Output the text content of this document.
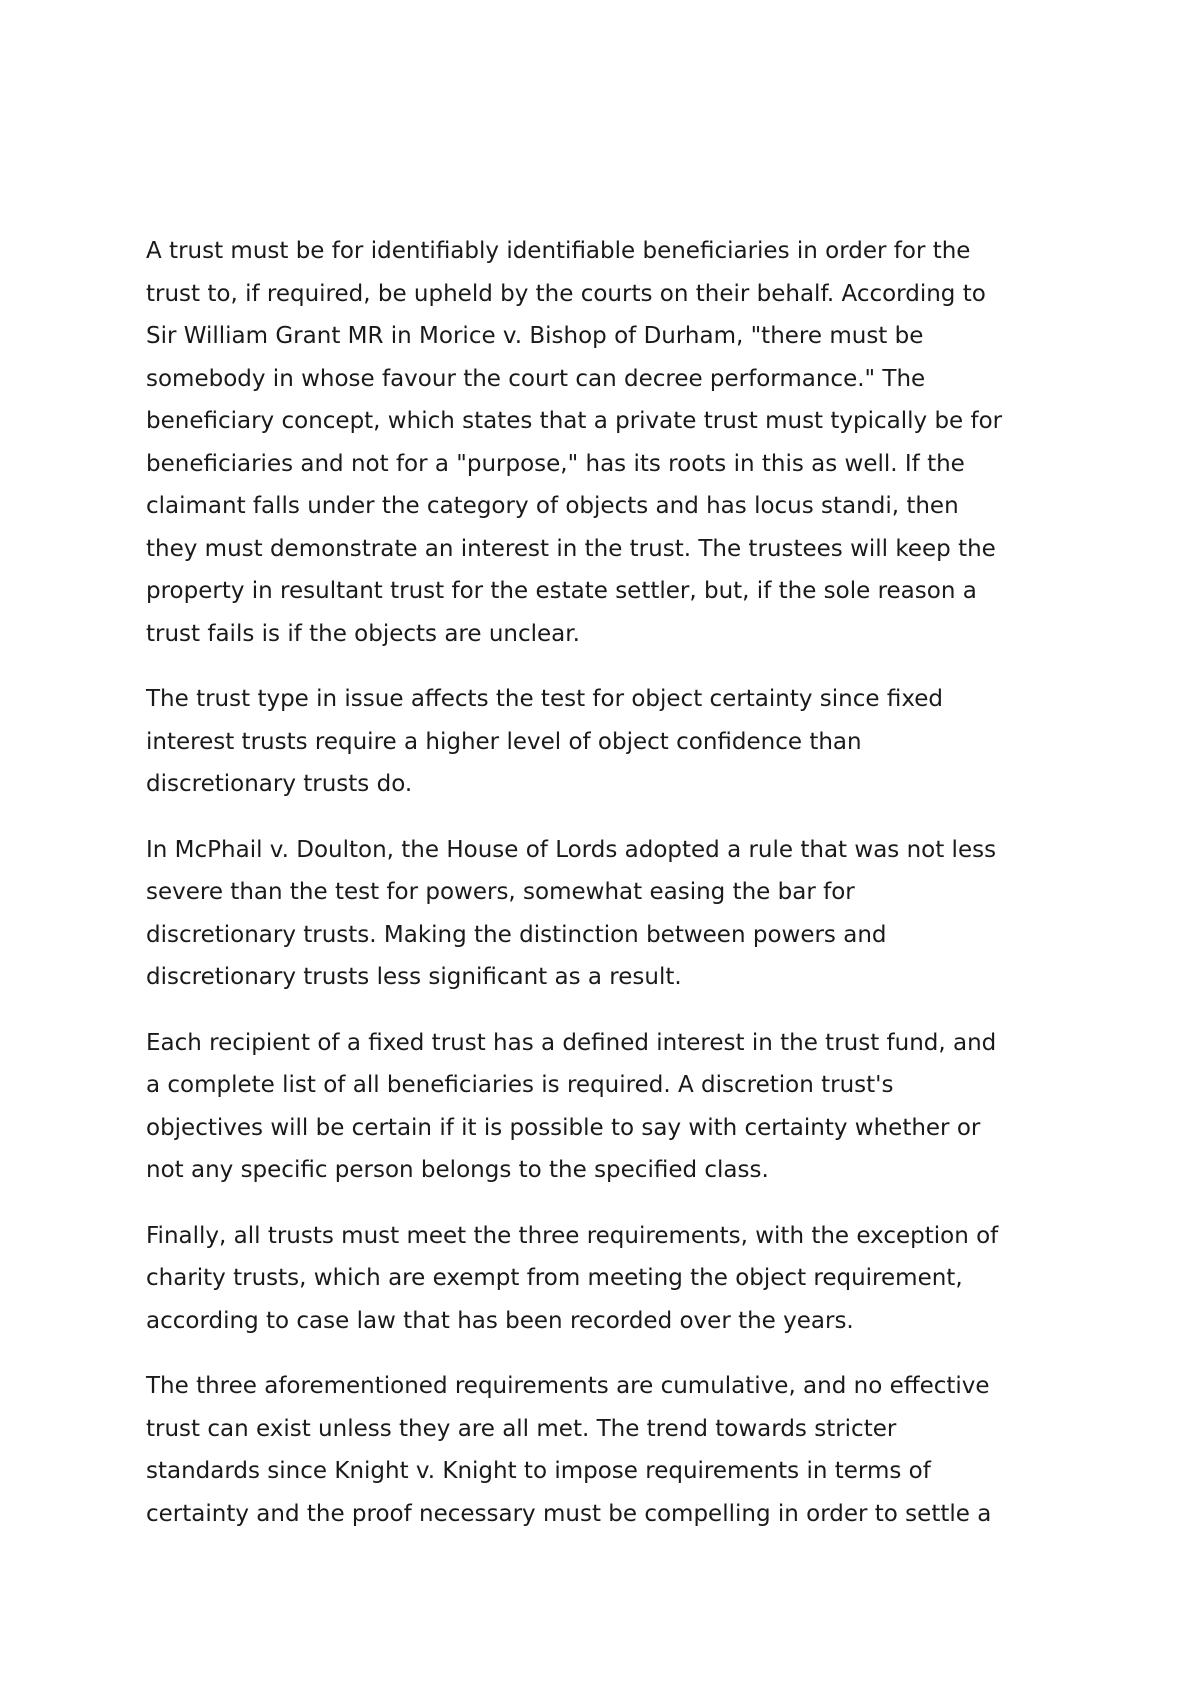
A trust must be for identifiably identifiable beneficiaries in order for the
trust to, if required, be upheld by the courts on their behalf. According to
Sir William Grant MR in Morice v. Bishop of Durham, "there must be
somebody in whose favour the court can decree performance." The
beneficiary concept, which states that a private trust must typically be for
beneficiaries and not for a "purpose," has its roots in this as well. If the
claimant falls under the category of objects and has locus standi, then
they must demonstrate an interest in the trust. The trustees will keep the
property in resultant trust for the estate settler, but, if the sole reason a
trust fails is if the objects are unclear.

The trust type in issue affects the test for object certainty since fixed
interest trusts require a higher level of object confidence than
discretionary trusts do.

In McPhail v. Doulton, the House of Lords adopted a rule that was not less
severe than the test for powers, somewhat easing the bar for
discretionary trusts. Making the distinction between powers and
discretionary trusts less significant as a result.

Each recipient of a fixed trust has a defined interest in the trust fund, and
a complete list of all beneficiaries is required. A discretion trust's
objectives will be certain if it is possible to say with certainty whether or
not any specific person belongs to the specified class.

Finally, all trusts must meet the three requirements, with the exception of
charity trusts, which are exempt from meeting the object requirement,
according to case law that has been recorded over the years.

The three aforementioned requirements are cumulative, and no effective
trust can exist unless they are all met. The trend towards stricter
standards since Knight v. Knight to impose requirements in terms of
certainty and the proof necessary must be compelling in order to settle a
